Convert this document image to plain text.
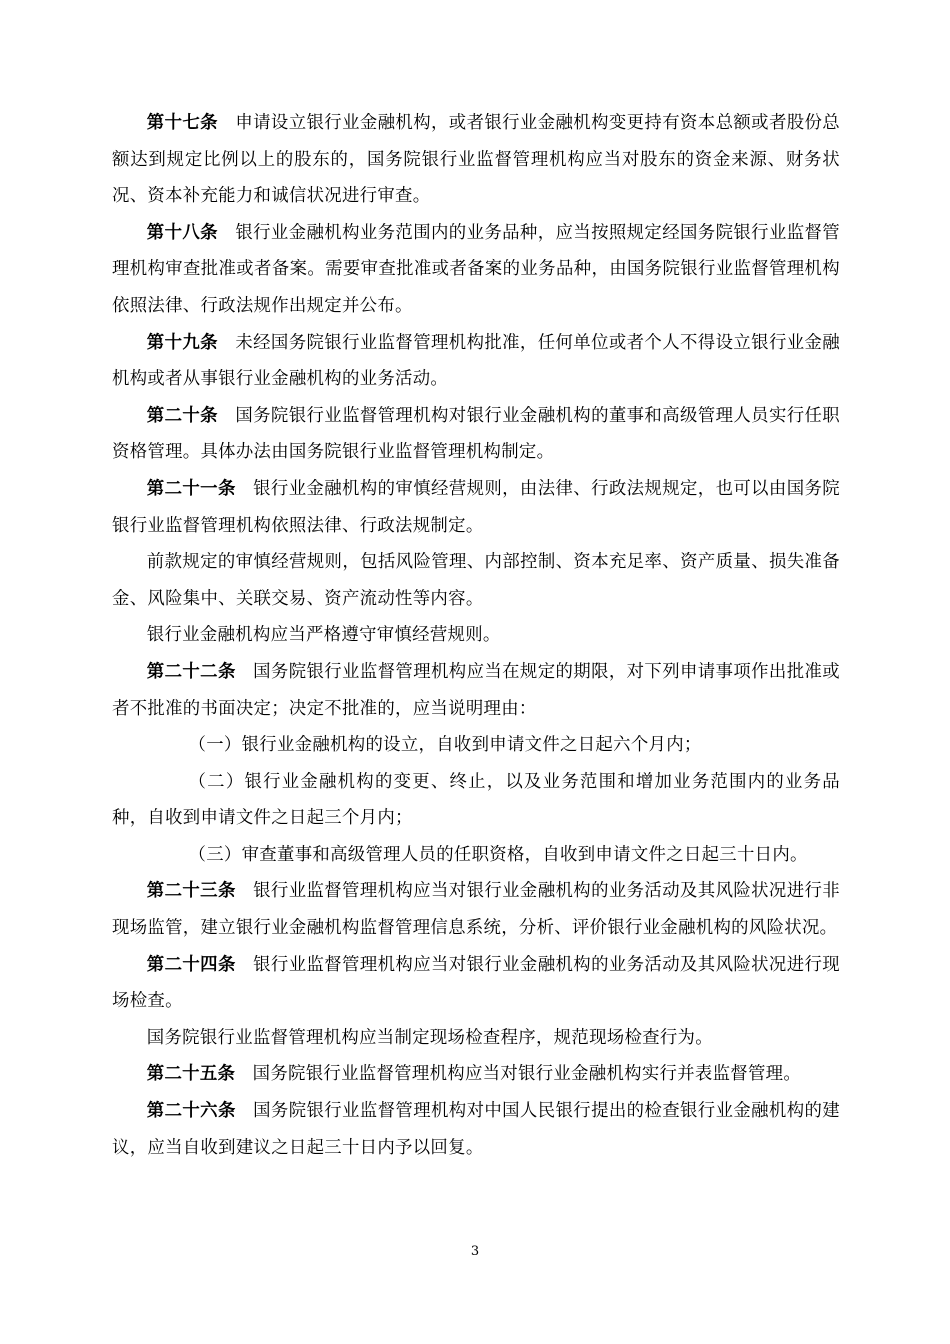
第十七条 申请设立银行业金融机构，或者银行业金融机构变更持有资本总额或者股份总额达到规定比例以上的股东的，国务院银行业监督管理机构应当对股东的资金来源、财务状况、资本补充能力和诚信状况进行审查。

第十八条 银行业金融机构业务范围内的业务品种，应当按照规定经国务院银行业监督管理机构审查批准或者备案。需要审查批准或者备案的业务品种，由国务院银行业监督管理机构依照法律、行政法规作出规定并公布。

第十九条 未经国务院银行业监督管理机构批准，任何单位或者个人不得设立银行业金融机构或者从事银行业金融机构的业务活动。

第二十条 国务院银行业监督管理机构对银行业金融机构的董事和高级管理人员实行任职资格管理。具体办法由国务院银行业监督管理机构制定。

第二十一条 银行业金融机构的审慎经营规则，由法律、行政法规规定，也可以由国务院银行业监督管理机构依照法律、行政法规制定。

前款规定的审慎经营规则，包括风险管理、内部控制、资本充足率、资产质量、损失准备金、风险集中、关联交易、资产流动性等内容。

银行业金融机构应当严格遵守审慎经营规则。

第二十二条 国务院银行业监督管理机构应当在规定的期限，对下列申请事项作出批准或者不批准的书面决定；决定不批准的，应当说明理由：

（一）银行业金融机构的设立，自收到申请文件之日起六个月内；

（二）银行业金融机构的变更、终止，以及业务范围和增加业务范围内的业务品种，自收到申请文件之日起三个月内；

（三）审查董事和高级管理人员的任职资格，自收到申请文件之日起三十日内。

第二十三条 银行业监督管理机构应当对银行业金融机构的业务活动及其风险状况进行非现场监管，建立银行业金融机构监督管理信息系统，分析、评价银行业金融机构的风险状况。

第二十四条 银行业监督管理机构应当对银行业金融机构的业务活动及其风险状况进行现场检查。

国务院银行业监督管理机构应当制定现场检查程序，规范现场检查行为。

第二十五条 国务院银行业监督管理机构应当对银行业金融机构实行并表监督管理。

第二十六条 国务院银行业监督管理机构对中国人民银行提出的检查银行业金融机构的建议，应当自收到建议之日起三十日内予以回复。

3
